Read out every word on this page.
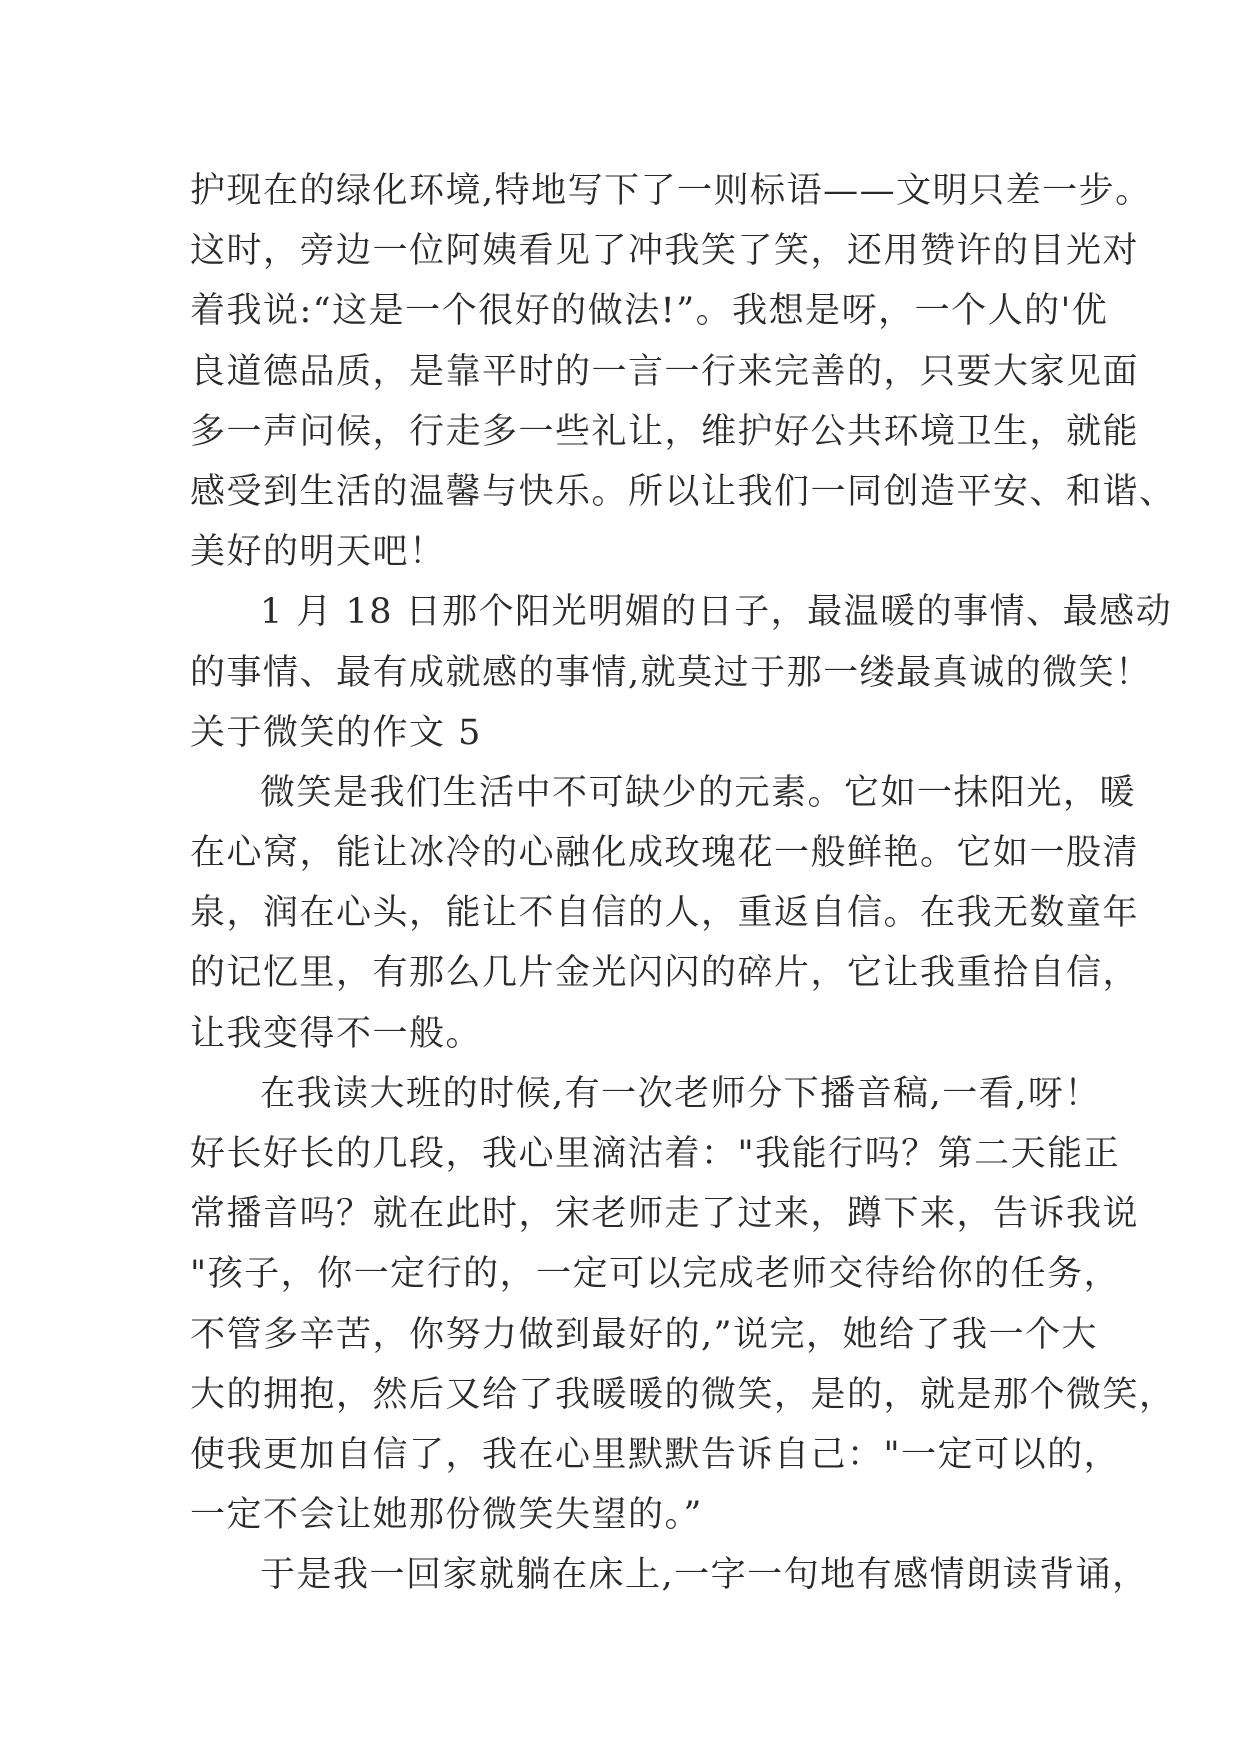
护现在的绿化环境,特地写下了一则标语——文明只差一步。
这时，旁边一位阿姨看见了冲我笑了笑，还用赞许的目光对
着我说:“这是一个很好的做法!”。我想是呀，一个人的'优
良道德品质，是靠平时的一言一行来完善的，只要大家见面
多一声问候，行走多一些礼让，维护好公共环境卫生，就能
感受到生活的温馨与快乐。所以让我们一同创造平安、和谐、
美好的明天吧！
1 月 18 日那个阳光明媚的日子，最温暖的事情、最感动
的事情、最有成就感的事情,就莫过于那一缕最真诚的微笑！
关于微笑的作文 5
微笑是我们生活中不可缺少的元素。它如一抹阳光，暖
在心窝，能让冰冷的心融化成玫瑰花一般鲜艳。它如一股清
泉，润在心头，能让不自信的人，重返自信。在我无数童年
的记忆里，有那么几片金光闪闪的碎片，它让我重拾自信，
让我变得不一般。
在我读大班的时候,有一次老师分下播音稿,一看,呀！
好长好长的几段，我心里滴沽着："我能行吗？第二天能正
常播音吗？就在此时，宋老师走了过来，蹲下来，告诉我说
"孩子，你一定行的，一定可以完成老师交待给你的任务，
不管多辛苦，你努力做到最好的,”说完，她给了我一个大
大的拥抱，然后又给了我暖暖的微笑，是的，就是那个微笑，
使我更加自信了，我在心里默默告诉自己："一定可以的，
一定不会让她那份微笑失望的。”
于是我一回家就躺在床上,一字一句地有感情朗读背诵，
